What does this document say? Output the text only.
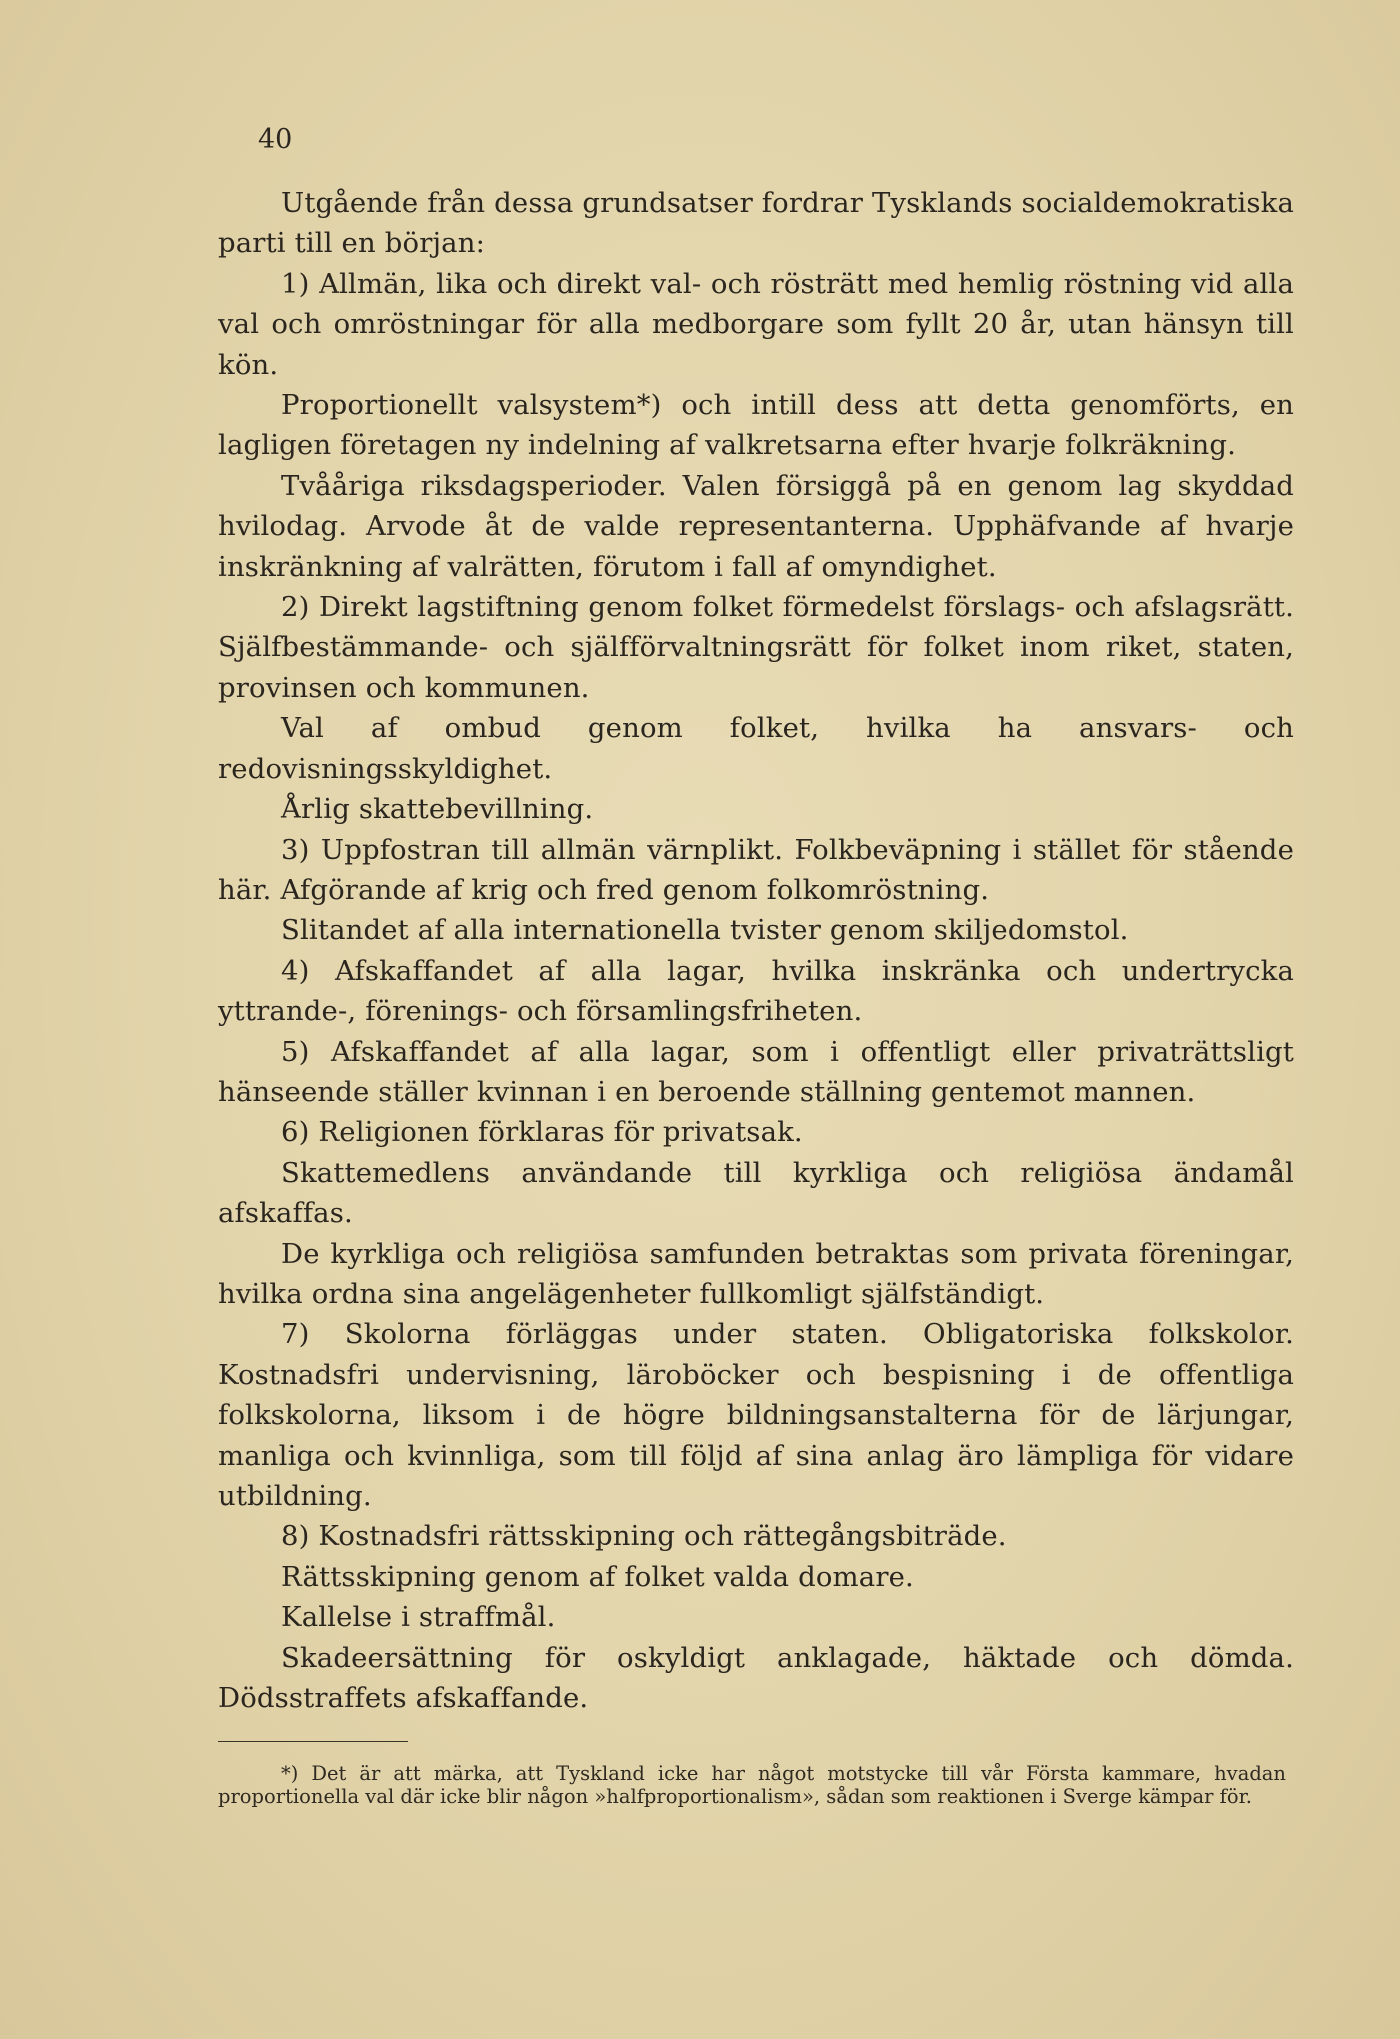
40

Utgående från dessa grundsatser fordrar Tysklands socialdemokratiska parti till en början:

1) Allmän, lika och direkt val- och rösträtt med hemlig röstning vid alla val och omröstningar för alla medborgare som fyllt 20 år, utan hänsyn till kön.

Proportionellt valsystem*) och intill dess att detta genomförts, en lagligen företagen ny indelning af valkretsarna efter hvarje folkräkning.

Tvååriga riksdagsperioder. Valen försiggå på en genom lag skyddad hvilodag. Arvode åt de valde representanterna. Upphäfvande af hvarje inskränkning af valrätten, förutom i fall af omyndighet.

2) Direkt lagstiftning genom folket förmedelst förslags- och afslagsrätt. Själfbestämmande- och själfförvaltningsrätt för folket inom riket, staten, provinsen och kommunen.

Val af ombud genom folket, hvilka ha ansvars- och redovisningsskyldighet.

Årlig skattebevillning.

3) Uppfostran till allmän värnplikt. Folkbeväpning i stället för stående här. Afgörande af krig och fred genom folkomröstning.

Slitandet af alla internationella tvister genom skiljedomstol.

4) Afskaffandet af alla lagar, hvilka inskränka och undertrycka yttrande-, förenings- och församlingsfriheten.

5) Afskaffandet af alla lagar, som i offentligt eller privaträttsligt hänseende ställer kvinnan i en beroende ställning gentemot mannen.

6) Religionen förklaras för privatsak.

Skattemedlens användande till kyrkliga och religiösa ändamål afskaffas.

De kyrkliga och religiösa samfunden betraktas som privata föreningar, hvilka ordna sina angelägenheter fullkomligt själfständigt.

7) Skolorna förläggas under staten. Obligatoriska folkskolor. Kostnadsfri undervisning, läroböcker och bespisning i de offentliga folkskolorna, liksom i de högre bildningsanstalterna för de lärjungar, manliga och kvinnliga, som till följd af sina anlag äro lämpliga för vidare utbildning.

8) Kostnadsfri rättsskipning och rättegångsbiträde.

Rättsskipning genom af folket valda domare.

Kallelse i straffmål.

Skadeersättning för oskyldigt anklagade, häktade och dömda. Dödsstraffets afskaffande.

*) Det är att märka, att Tyskland icke har något motstycke till vår Första kammare, hvadan proportionella val där icke blir någon »halfproportionalism», sådan som reaktionen i Sverge kämpar för.
